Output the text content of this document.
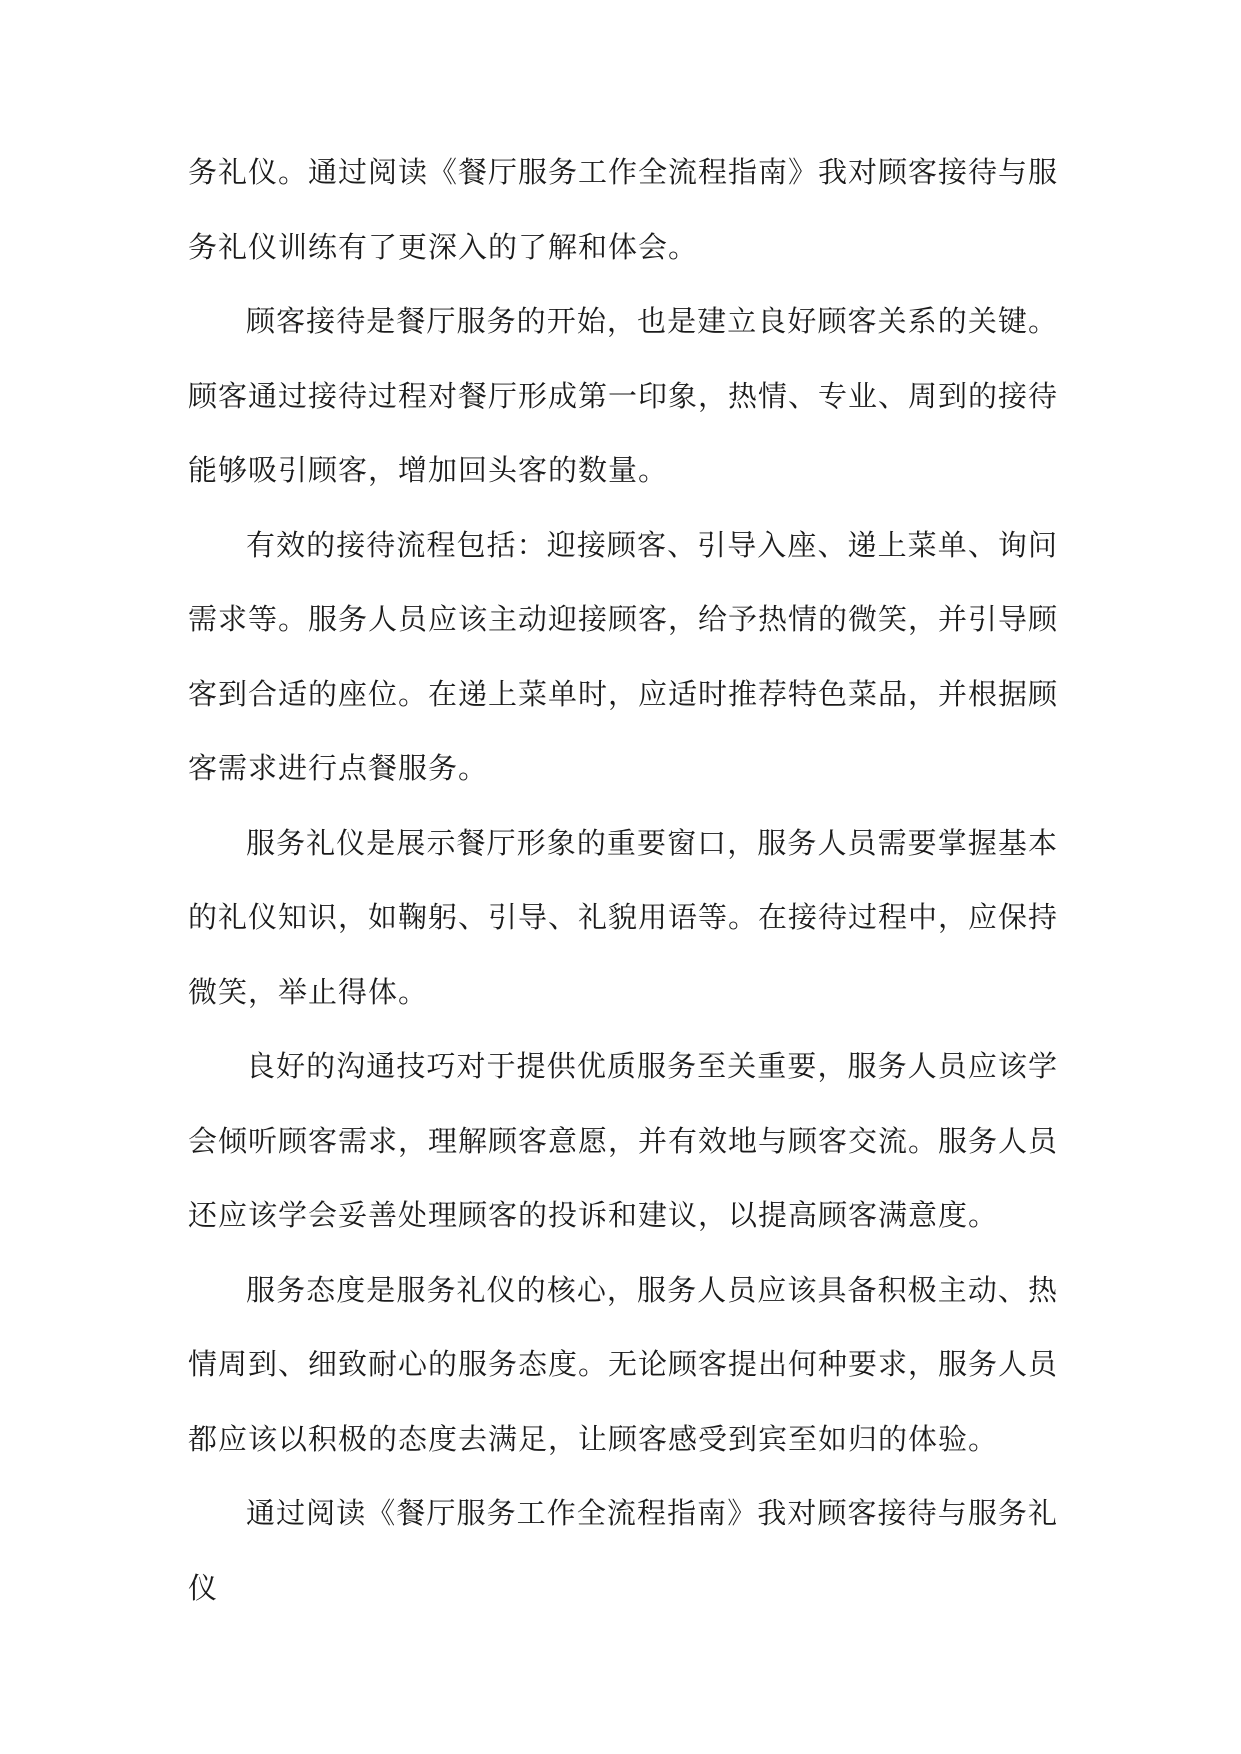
务礼仪。通过阅读《餐厅服务工作全流程指南》我对顾客接待与服务礼仪训练有了更深入的了解和体会。

顾客接待是餐厅服务的开始，也是建立良好顾客关系的关键。顾客通过接待过程对餐厅形成第一印象，热情、专业、周到的接待能够吸引顾客，增加回头客的数量。

有效的接待流程包括：迎接顾客、引导入座、递上菜单、询问需求等。服务人员应该主动迎接顾客，给予热情的微笑，并引导顾客到合适的座位。在递上菜单时，应适时推荐特色菜品，并根据顾客需求进行点餐服务。

服务礼仪是展示餐厅形象的重要窗口，服务人员需要掌握基本的礼仪知识，如鞠躬、引导、礼貌用语等。在接待过程中，应保持微笑，举止得体。

良好的沟通技巧对于提供优质服务至关重要，服务人员应该学会倾听顾客需求，理解顾客意愿，并有效地与顾客交流。服务人员还应该学会妥善处理顾客的投诉和建议，以提高顾客满意度。

服务态度是服务礼仪的核心，服务人员应该具备积极主动、热情周到、细致耐心的服务态度。无论顾客提出何种要求，服务人员都应该以积极的态度去满足，让顾客感受到宾至如归的体验。

通过阅读《餐厅服务工作全流程指南》我对顾客接待与服务礼仪
